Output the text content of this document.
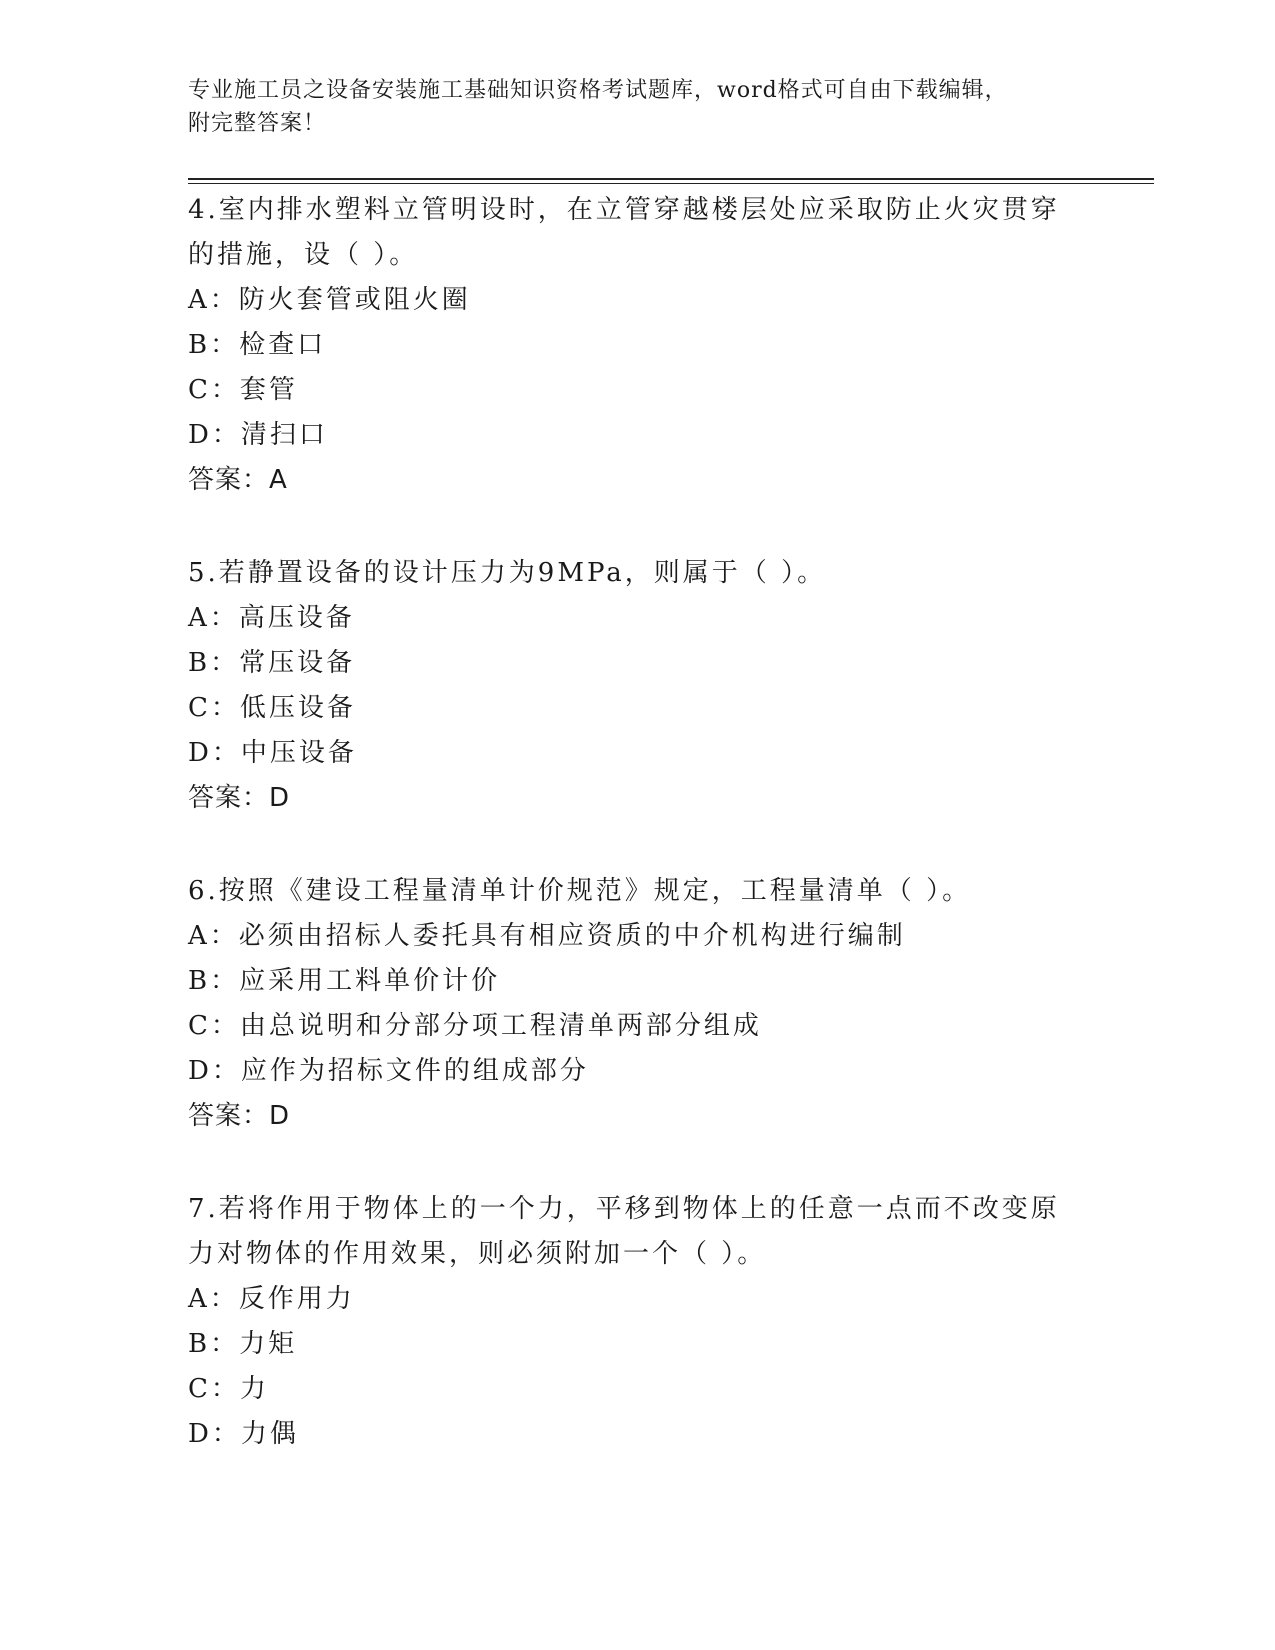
专业施工员之设备安装施工基础知识资格考试题库，word格式可自由下载编辑，
附完整答案！

4.室内排水塑料立管明设时，在立管穿越楼层处应采取防止火灾贯穿

的措施，设（ ）。

A：防火套管或阻火圈

B：检查口

C：套管

D：清扫口

答案：A

5.若静置设备的设计压力为9MPa，则属于（ ）。

A：高压设备

B：常压设备

C：低压设备

D：中压设备

答案：D

6.按照《建设工程量清单计价规范》规定，工程量清单（ ）。

A：必须由招标人委托具有相应资质的中介机构进行编制

B：应采用工料单价计价

C：由总说明和分部分项工程清单两部分组成

D：应作为招标文件的组成部分

答案：D

7.若将作用于物体上的一个力，平移到物体上的任意一点而不改变原

力对物体的作用效果，则必须附加一个（ ）。

A：反作用力

B：力矩

C：力

D：力偶
